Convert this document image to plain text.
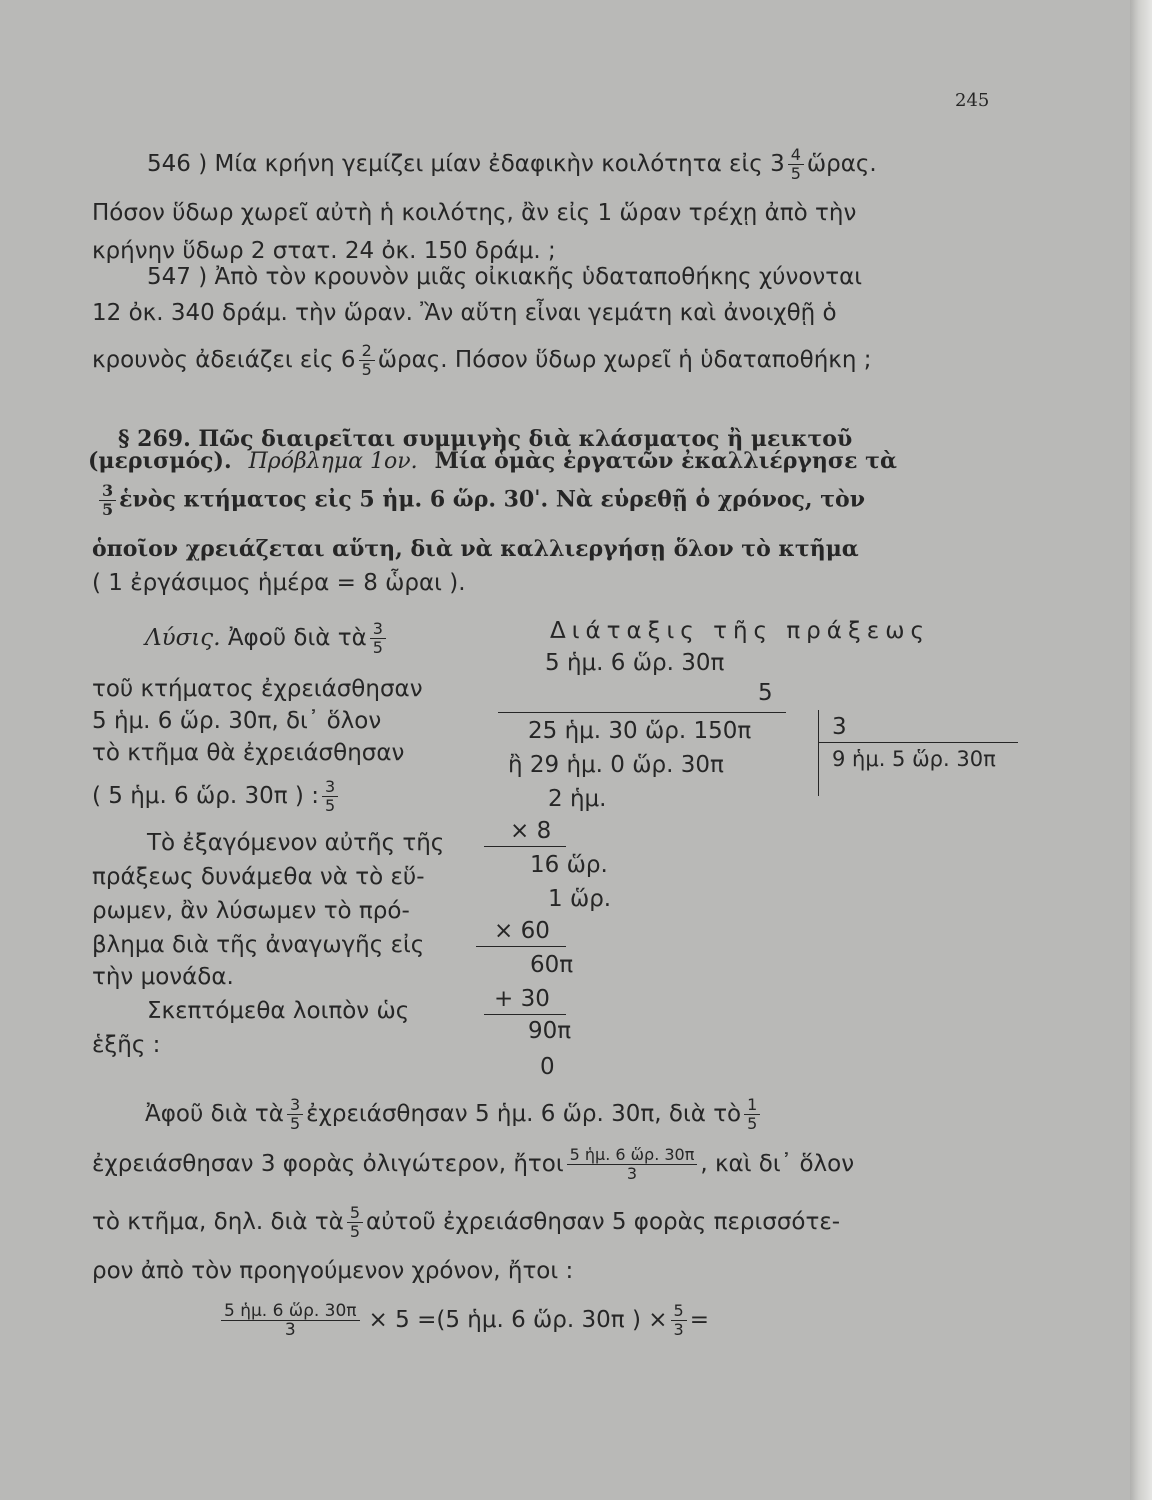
245
546 ) Μία κρήνη γεμίζει μίαν ἐδαφικὴν κοιλότητα εἰς $3 \frac{4}{5}$ ὥρας.
Πόσον ὕδωρ χωρεῖ αὐτὴ ἡ κοιλότης, ἂν εἰς 1 ὥραν τρέχῃ ἀπὸ τὴν
κρήνην ὕδωρ 2 στατ. 24 ὀκ. 150 δράμ. ;
547 ) Ἀπὸ τὸν κρουνὸν μιᾶς οἰκιακῆς ὑδαταποθήκης χύνονται
12 ὀκ. 340 δράμ. τὴν ὥραν. Ἂν αὕτη εἶναι γεμάτη καὶ ἀνοιχθῇ ὁ
κρουνὸς ἀδειάζει εἰς $6 \frac{2}{5}$ ὥρας. Πόσον ὕδωρ χωρεῖ ἡ ὑδαταποθήκη ;
§ 269. Πῶς διαιρεῖται συμμιγὴς διὰ κλάσματος ἢ μεικτοῦ
(μερισμός). Πρόβλημα 1ον. Μία ὁμὰς ἐργατῶν ἐκαλλιέργησε τὰ
$\frac{3}{5}$ ἑνὸς κτήματος εἰς 5 ἡμ. 6 ὥρ. 30ˈ. Νὰ εὑρεθῇ ὁ χρόνος, τὸν
ὁποῖον χρειάζεται αὕτη, διὰ νὰ καλλιεργήσῃ ὅλον τὸ κτῆμα
( 1 ἐργάσιμος ἡμέρα = 8 ὧραι ).
Λύσις. Ἀφοῦ διὰ τὰ $\frac{3}{5}$
τοῦ κτήματος ἐχρειάσθησαν
5 ἡμ. 6 ὥρ. 30π, δι᾽ ὅλον
τὸ κτῆμα θὰ ἐχρειάσθησαν
( 5 ἡμ. 6 ὥρ. 30π ) : $\frac{3}{5}$
Τὸ ἐξαγόμενον αὐτῆς τῆς
πράξεως δυνάμεθα νὰ τὸ εὕ-
ρωμεν, ἂν λύσωμεν τὸ πρό-
βλημα διὰ τῆς ἀναγωγῆς εἰς
τὴν μονάδα.
Σκεπτόμεθα λοιπὸν ὡς
ἑξῆς :
Διάταξις τῆς πράξεως
5 ἡμ. 6 ὥρ. 30π
5
25 ἡμ. 30 ὥρ. 150π	3
ἢ 29 ἡμ. 0 ὥρ. 30π	9 ἡμ. 5 ὥρ. 30π
2 ἡμ.
× 8
16 ὥρ.
1 ὥρ.
× 60
60π
+ 30
90π
0
Ἀφοῦ διὰ τὰ $\frac{3}{5}$ ἐχρειάσθησαν 5 ἡμ. 6 ὥρ. 30π, διὰ τὸ $\frac{1}{5}$
ἐχρειάσθησαν 3 φορὰς ὀλιγώτερον, ἤτοι $\frac{\text{5 ἡμ. 6 ὥρ. 30π}}{3}$ , καὶ δι᾽ ὅλον
τὸ κτῆμα, δηλ. διὰ τὰ $\frac{5}{5}$ αὐτοῦ ἐχρειάσθησαν 5 φορὰς περισσότε-
ρον ἀπὸ τὸν προηγούμενον χρόνον, ἤτοι :
$\frac{\text{5 ἡμ. 6 ὥρ. 30π}}{3} \times 5 =(5$ ἡμ. 6 ὥρ. 30π ) × $\frac{5}{3}$ =
